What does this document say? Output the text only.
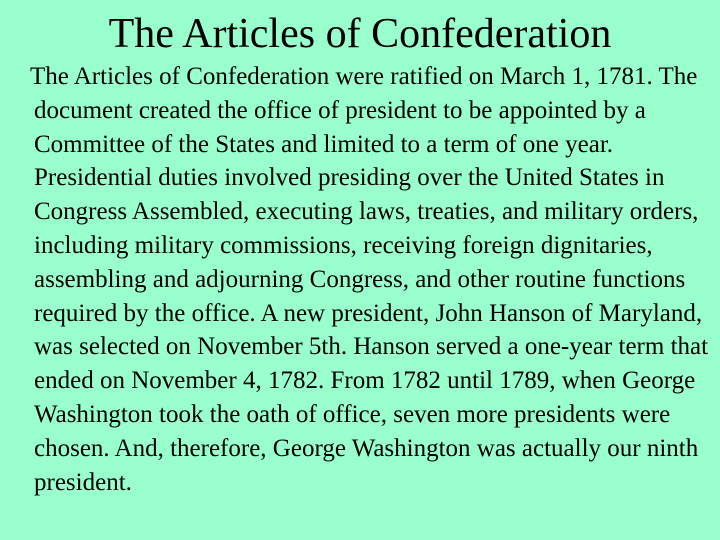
The Articles of Confederation

The Articles of Confederation were ratified on March 1, 1781. The document created the office of president to be appointed by a Committee of the States and limited to a term of one year. Presidential duties involved presiding over the United States in Congress Assembled, executing laws, treaties, and military orders, including military commissions, receiving foreign dignitaries, assembling and adjourning Congress, and other routine functions required by the office. A new president, John Hanson of Maryland, was selected on November 5th. Hanson served a one-year term that ended on November 4, 1782. From 1782 until 1789, when George Washington took the oath of office, seven more presidents were chosen. And, therefore, George Washington was actually our ninth president.
